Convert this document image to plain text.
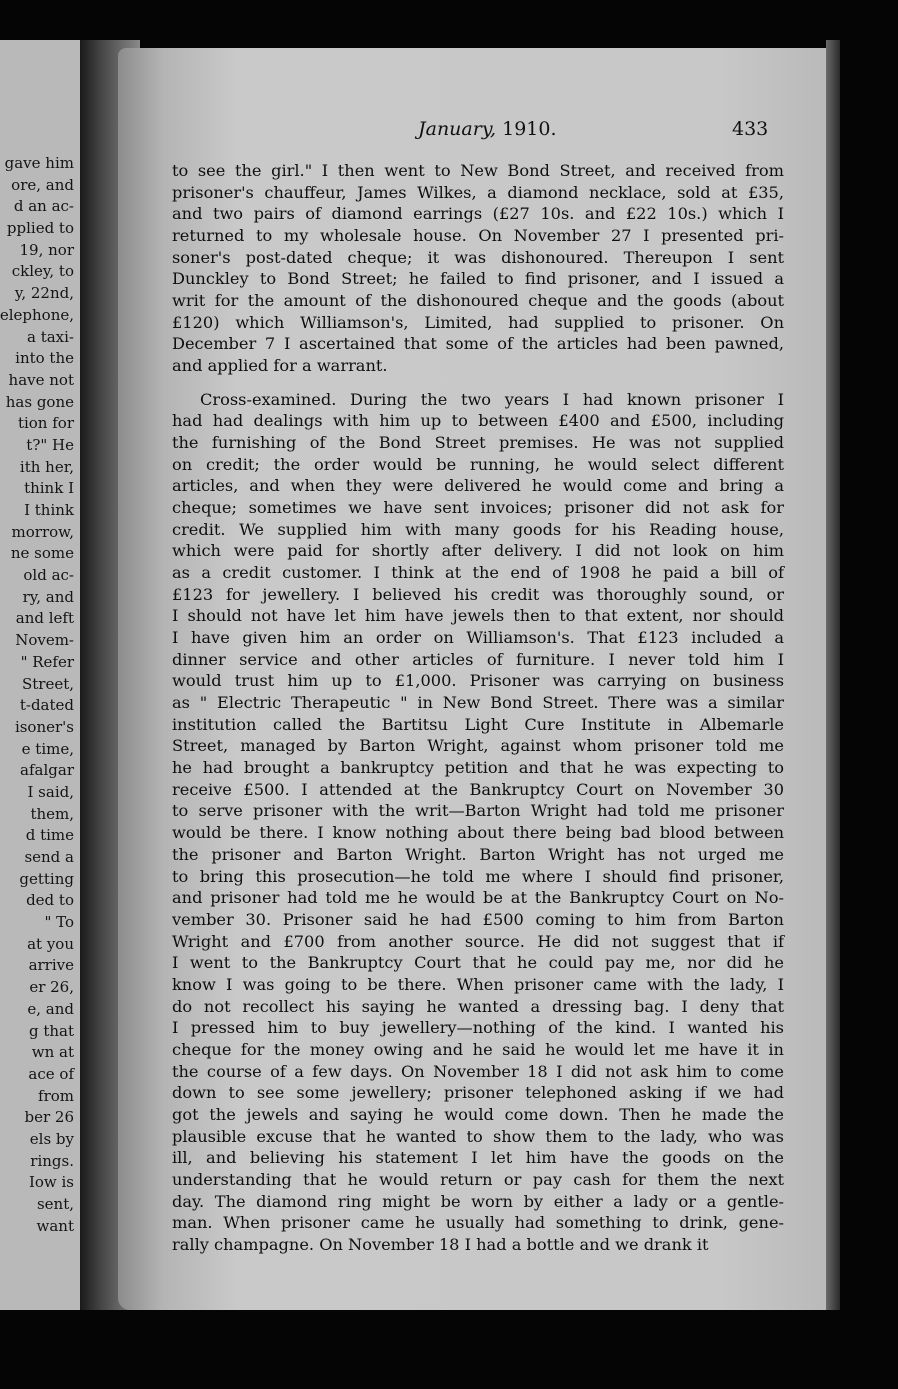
gave him
ore, and
d an ac-
pplied to
19, nor
ckley, to
y, 22nd,
elephone,
a taxi-
into the
have not
has gone
tion for
t?" He
ith her,
think I
I think
morrow,
ne some
old ac-
ry, and
and left
Novem-
" Refer
Street,
t-dated
isoner's
e time,
afalgar
I said,
them,
d time
send a
getting
ded to
" To
at you
arrive
er 26,
e, and
g that
wn at
ace of
from
ber 26
els by
rings.
Iow is
sent,
want
January, 1910.	433
to see the girl." I then went to New Bond Street, and received from
prisoner's chauffeur, James Wilkes, a diamond necklace, sold at £35,
and two pairs of diamond earrings (£27 10s. and £22 10s.) which I
returned to my wholesale house. On November 27 I presented pri-
soner's post-dated cheque; it was dishonoured. Thereupon I sent
Dunckley to Bond Street; he failed to find prisoner, and I issued a
writ for the amount of the dishonoured cheque and the goods (about
£120) which Williamson's, Limited, had supplied to prisoner. On
December 7 I ascertained that some of the articles had been pawned,
and applied for a warrant.
Cross-examined. During the two years I had known prisoner I
had had dealings with him up to between £400 and £500, including
the furnishing of the Bond Street premises. He was not supplied
on credit; the order would be running, he would select different
articles, and when they were delivered he would come and bring a
cheque; sometimes we have sent invoices; prisoner did not ask for
credit. We supplied him with many goods for his Reading house,
which were paid for shortly after delivery. I did not look on him
as a credit customer. I think at the end of 1908 he paid a bill of
£123 for jewellery. I believed his credit was thoroughly sound, or
I should not have let him have jewels then to that extent, nor should
I have given him an order on Williamson's. That £123 included a
dinner service and other articles of furniture. I never told him I
would trust him up to £1,000. Prisoner was carrying on business
as " Electric Therapeutic " in New Bond Street. There was a similar
institution called the Bartitsu Light Cure Institute in Albemarle
Street, managed by Barton Wright, against whom prisoner told me
he had brought a bankruptcy petition and that he was expecting to
receive £500. I attended at the Bankruptcy Court on November 30
to serve prisoner with the writ—Barton Wright had told me prisoner
would be there. I know nothing about there being bad blood between
the prisoner and Barton Wright. Barton Wright has not urged me
to bring this prosecution—he told me where I should find prisoner,
and prisoner had told me he would be at the Bankruptcy Court on No-
vember 30. Prisoner said he had £500 coming to him from Barton
Wright and £700 from another source. He did not suggest that if
I went to the Bankruptcy Court that he could pay me, nor did he
know I was going to be there. When prisoner came with the lady, I
do not recollect his saying he wanted a dressing bag. I deny that
I pressed him to buy jewellery—nothing of the kind. I wanted his
cheque for the money owing and he said he would let me have it in
the course of a few days. On November 18 I did not ask him to come
down to see some jewellery; prisoner telephoned asking if we had
got the jewels and saying he would come down. Then he made the
plausible excuse that he wanted to show them to the lady, who was
ill, and believing his statement I let him have the goods on the
understanding that he would return or pay cash for them the next
day. The diamond ring might be worn by either a lady or a gentle-
man. When prisoner came he usually had something to drink, gene-
rally champagne. On November 18 I had a bottle and we drank it
